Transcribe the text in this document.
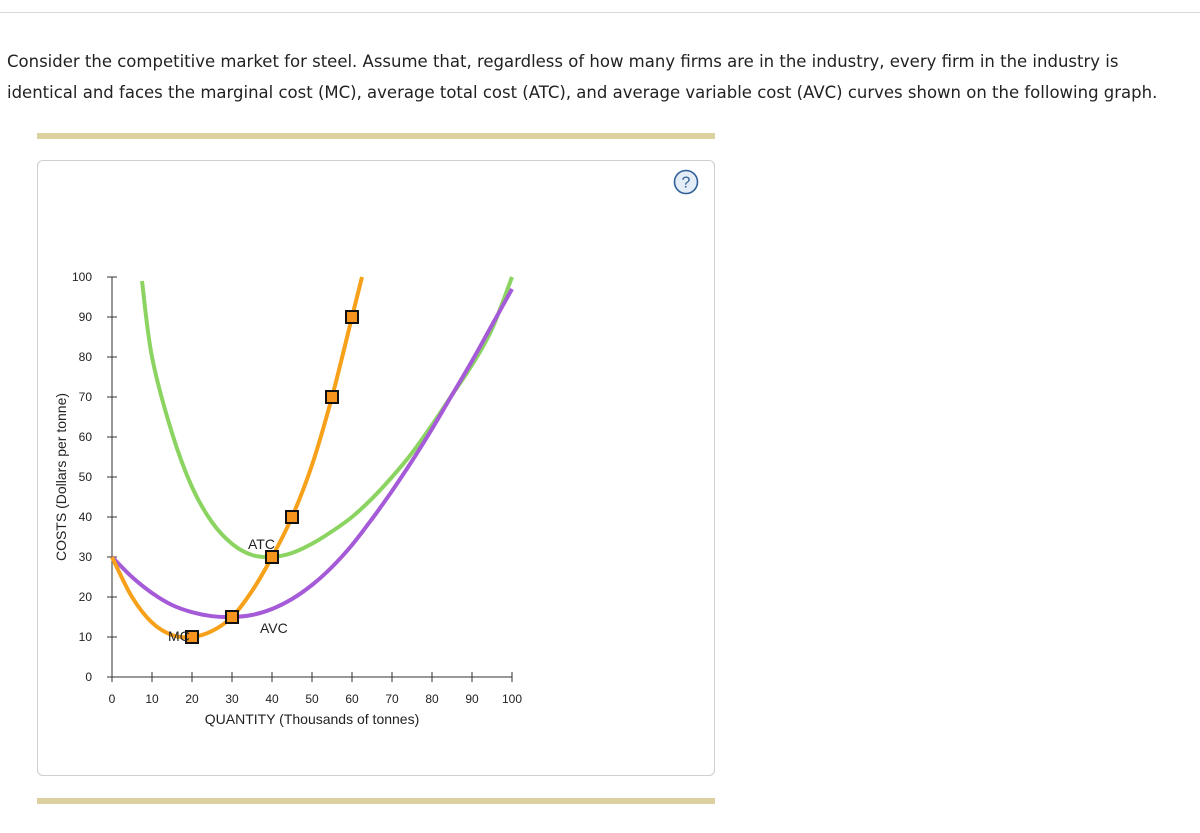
Consider the competitive market for steel. Assume that, regardless of how many firms are in the industry, every firm in the industry is identical and faces the marginal cost (MC), average total cost (ATC), and average variable cost (AVC) curves shown on the following graph.

?
0 10 20 30 40 50 60 70 80 90 100
0
10
20
30
40
50
60
70
80
90
100
QUANTITY (Thousands of tonnes)
COSTS (Dollars per tonne)
MC
ATC
AVC
